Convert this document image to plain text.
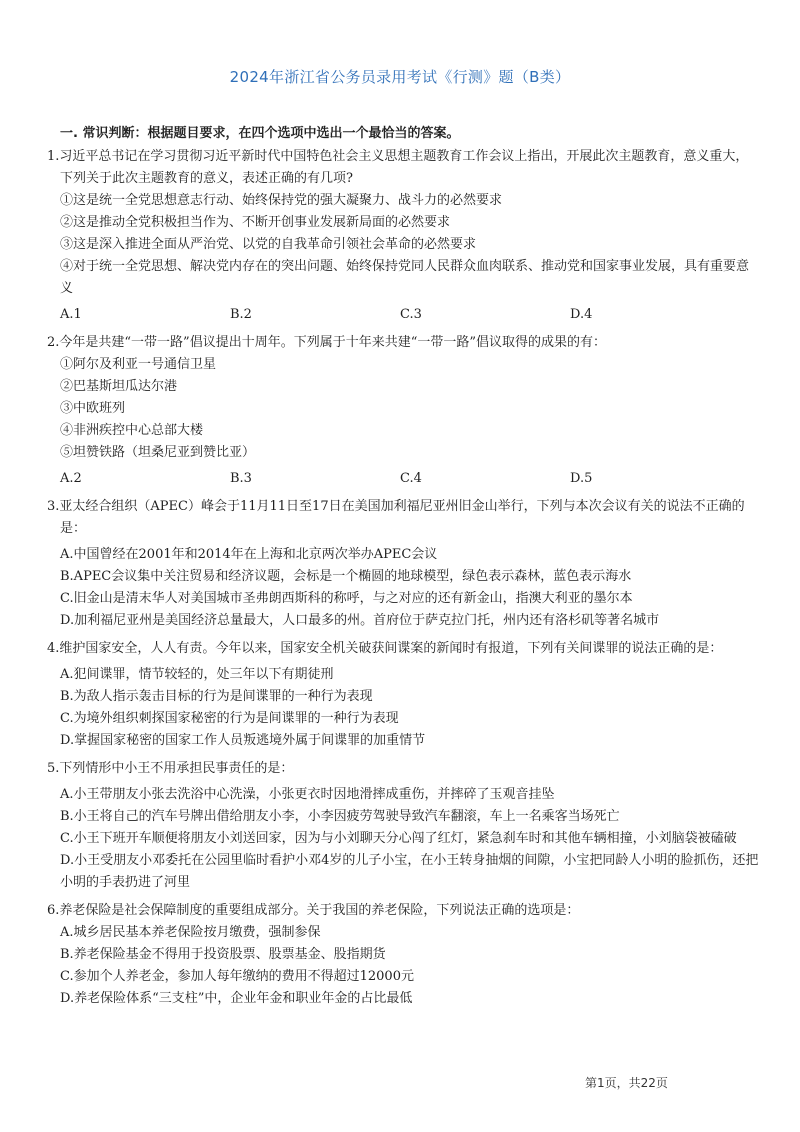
2024年浙江省公务员录用考试《行测》题（B类）
一. 常识判断：根据题目要求，在四个选项中选出一个最恰当的答案。
1.习近平总书记在学习贯彻习近平新时代中国特色社会主义思想主题教育工作会议上指出，开展此次主题教育，意义重大，下列关于此次主题教育的意义，表述正确的有几项?
①这是统一全党思想意志行动、始终保持党的强大凝聚力、战斗力的必然要求
②这是推动全党积极担当作为、不断开创事业发展新局面的必然要求
③这是深入推进全面从严治党、以党的自我革命引领社会革命的必然要求
④对于统一全党思想、解决党内存在的突出问题、始终保持党同人民群众血肉联系、推动党和国家事业发展，具有重要意义
A.1	B.2	C.3	D.4
2.今年是共建“一带一路”倡议提出十周年。下列属于十年来共建“一带一路”倡议取得的成果的有：
①阿尔及利亚一号通信卫星
②巴基斯坦瓜达尔港
③中欧班列
④非洲疾控中心总部大楼
⑤坦赞铁路（坦桑尼亚到赞比亚）
A.2	B.3	C.4	D.5
3.亚太经合组织（APEC）峰会于11月11日至17日在美国加利福尼亚州旧金山举行，下列与本次会议有关的说法不正确的是：
A.中国曾经在2001年和2014年在上海和北京两次举办APEC会议
B.APEC会议集中关注贸易和经济议题，会标是一个椭圆的地球模型，绿色表示森林，蓝色表示海水
C.旧金山是清末华人对美国城市圣弗朗西斯科的称呼，与之对应的还有新金山，指澳大利亚的墨尔本
D.加利福尼亚州是美国经济总量最大，人口最多的州。首府位于萨克拉门托，州内还有洛杉矶等著名城市
4.维护国家安全，人人有责。今年以来，国家安全机关破获间谍案的新闻时有报道，下列有关间谍罪的说法正确的是：
A.犯间谍罪，情节较轻的，处三年以下有期徒刑
B.为敌人指示轰击目标的行为是间谍罪的一种行为表现
C.为境外组织刺探国家秘密的行为是间谍罪的一种行为表现
D.掌握国家秘密的国家工作人员叛逃境外属于间谍罪的加重情节
5.下列情形中小王不用承担民事责任的是：
A.小王带朋友小张去洗浴中心洗澡，小张更衣时因地滑摔成重伤，并摔碎了玉观音挂坠
B.小王将自己的汽车号牌出借给朋友小李，小李因疲劳驾驶导致汽车翻滚，车上一名乘客当场死亡
C.小王下班开车顺便将朋友小刘送回家，因为与小刘聊天分心闯了红灯，紧急刹车时和其他车辆相撞，小刘脑袋被磕破
D.小王受朋友小邓委托在公园里临时看护小邓4岁的儿子小宝，在小王转身抽烟的间隙，小宝把同龄人小明的脸抓伤，还把小明的手表扔进了河里
6.养老保险是社会保障制度的重要组成部分。关于我国的养老保险，下列说法正确的选项是：
A.城乡居民基本养老保险按月缴费，强制参保
B.养老保险基金不得用于投资股票、股票基金、股指期货
C.参加个人养老金，参加人每年缴纳的费用不得超过12000元
D.养老保险体系“三支柱”中，企业年金和职业年金的占比最低
第1页，共22页
